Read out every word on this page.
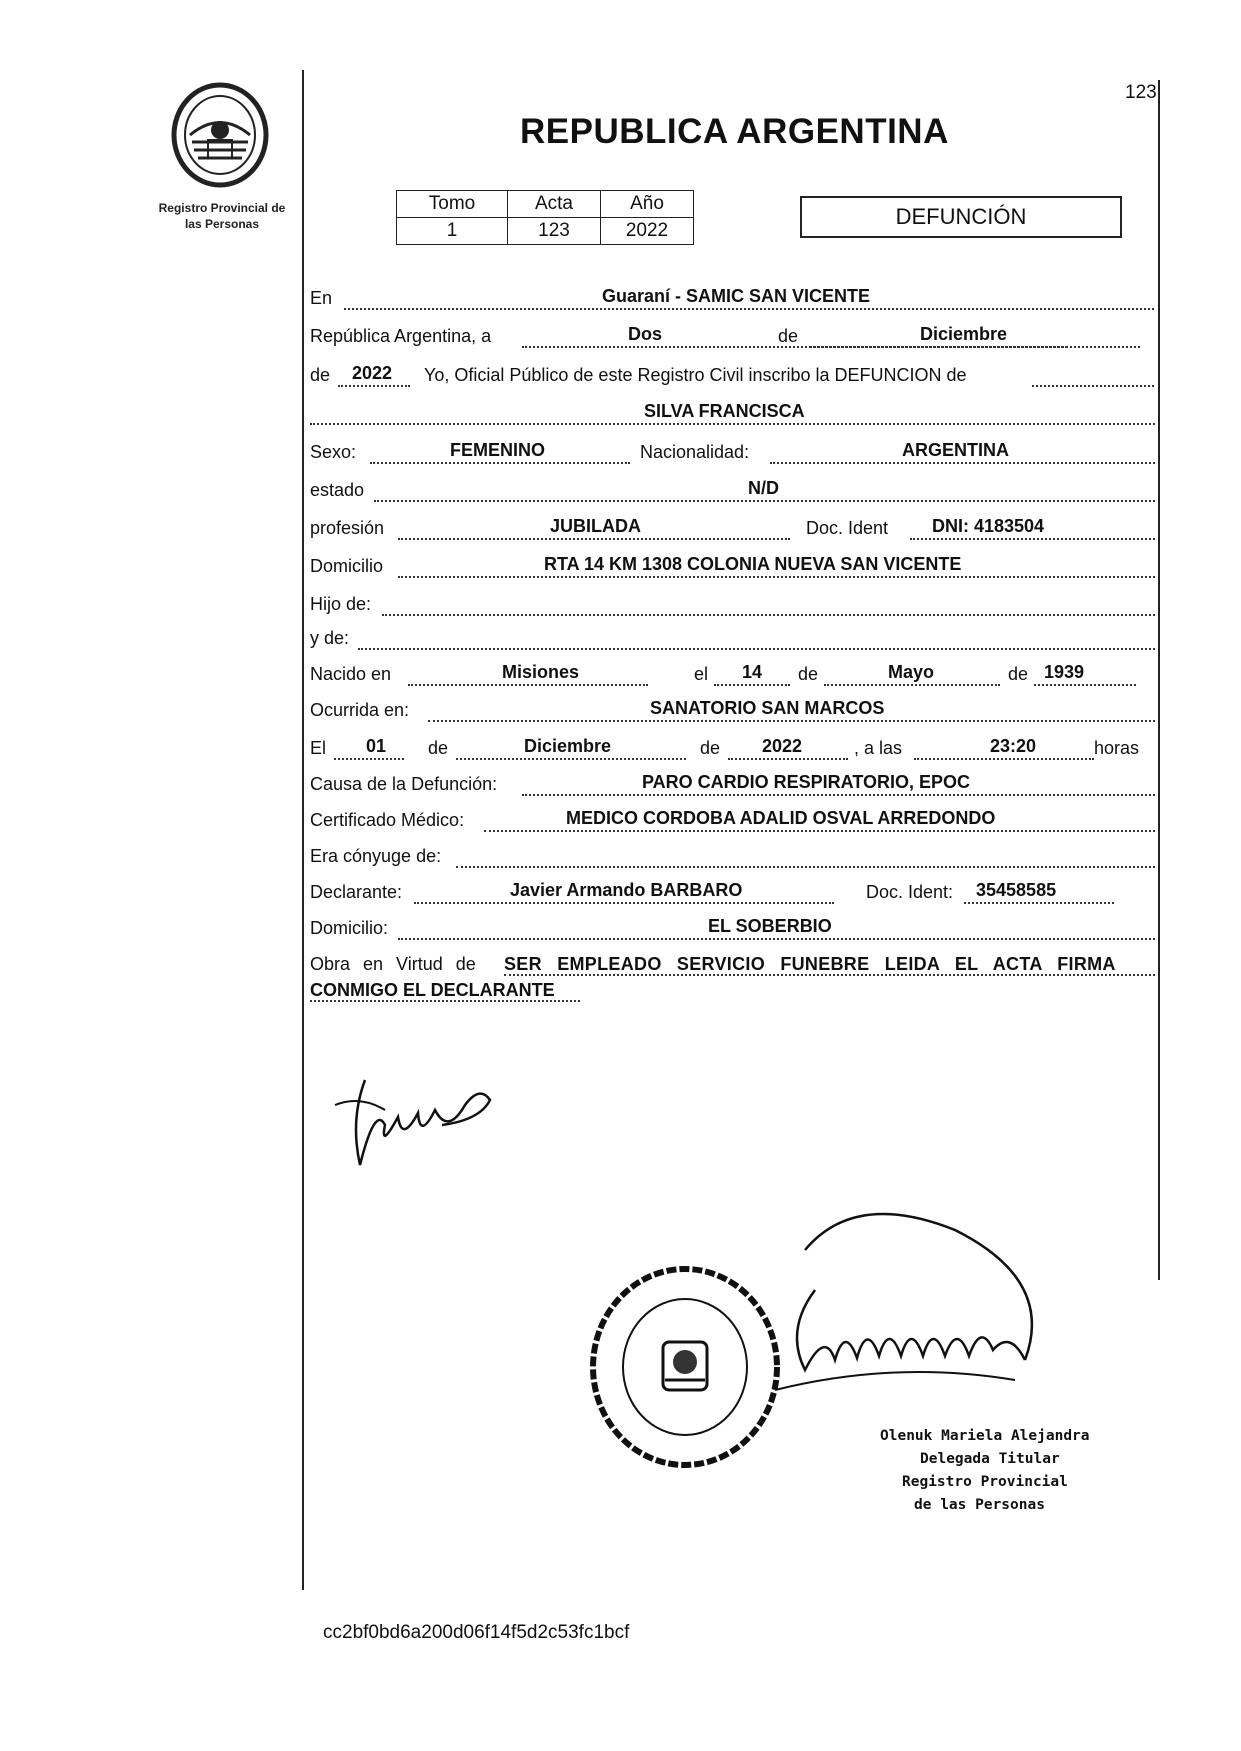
Registro Provincial de
las Personas
123
REPUBLICA ARGENTINA
Tomo	Acta	Año
1	123	2022
DEFUNCIÓN
En	Guaraní - SAMIC SAN VICENTE
República Argentina, a	Dos	de	Diciembre
de 2022 Yo, Oficial Público de este Registro Civil inscribo la DEFUNCION de
SILVA FRANCISCA
Sexo:	FEMENINO	Nacionalidad:	ARGENTINA
estado	N/D
profesión	JUBILADA	Doc. Ident DNI: 4183504
Domicilio	RTA 14 KM 1308 COLONIA NUEVA SAN VICENTE
Hijo de:
y de:
Nacido en	Misiones	el 14 de	Mayo	de 1939
Ocurrida en:	SANATORIO SAN MARCOS
El 01 de	Diciembre	de 2022	, a las	23:20	horas
Causa de la Defunción:	PARO CARDIO RESPIRATORIO, EPOC
Certificado Médico:	MEDICO CORDOBA ADALID OSVAL ARREDONDO
Era cónyuge de:
Declarante:	Javier Armando BARBARO	Doc. Ident: 35458585
Domicilio:	EL SOBERBIO
Obra en Virtud de SER EMPLEADO SERVICIO FUNEBRE LEIDA EL ACTA FIRMA
CONMIGO EL DECLARANTE
Olenuk Mariela Alejandra
Delegada Titular
Registro Provincial
de las Personas
cc2bf0bd6a200d06f14f5d2c53fc1bcf
